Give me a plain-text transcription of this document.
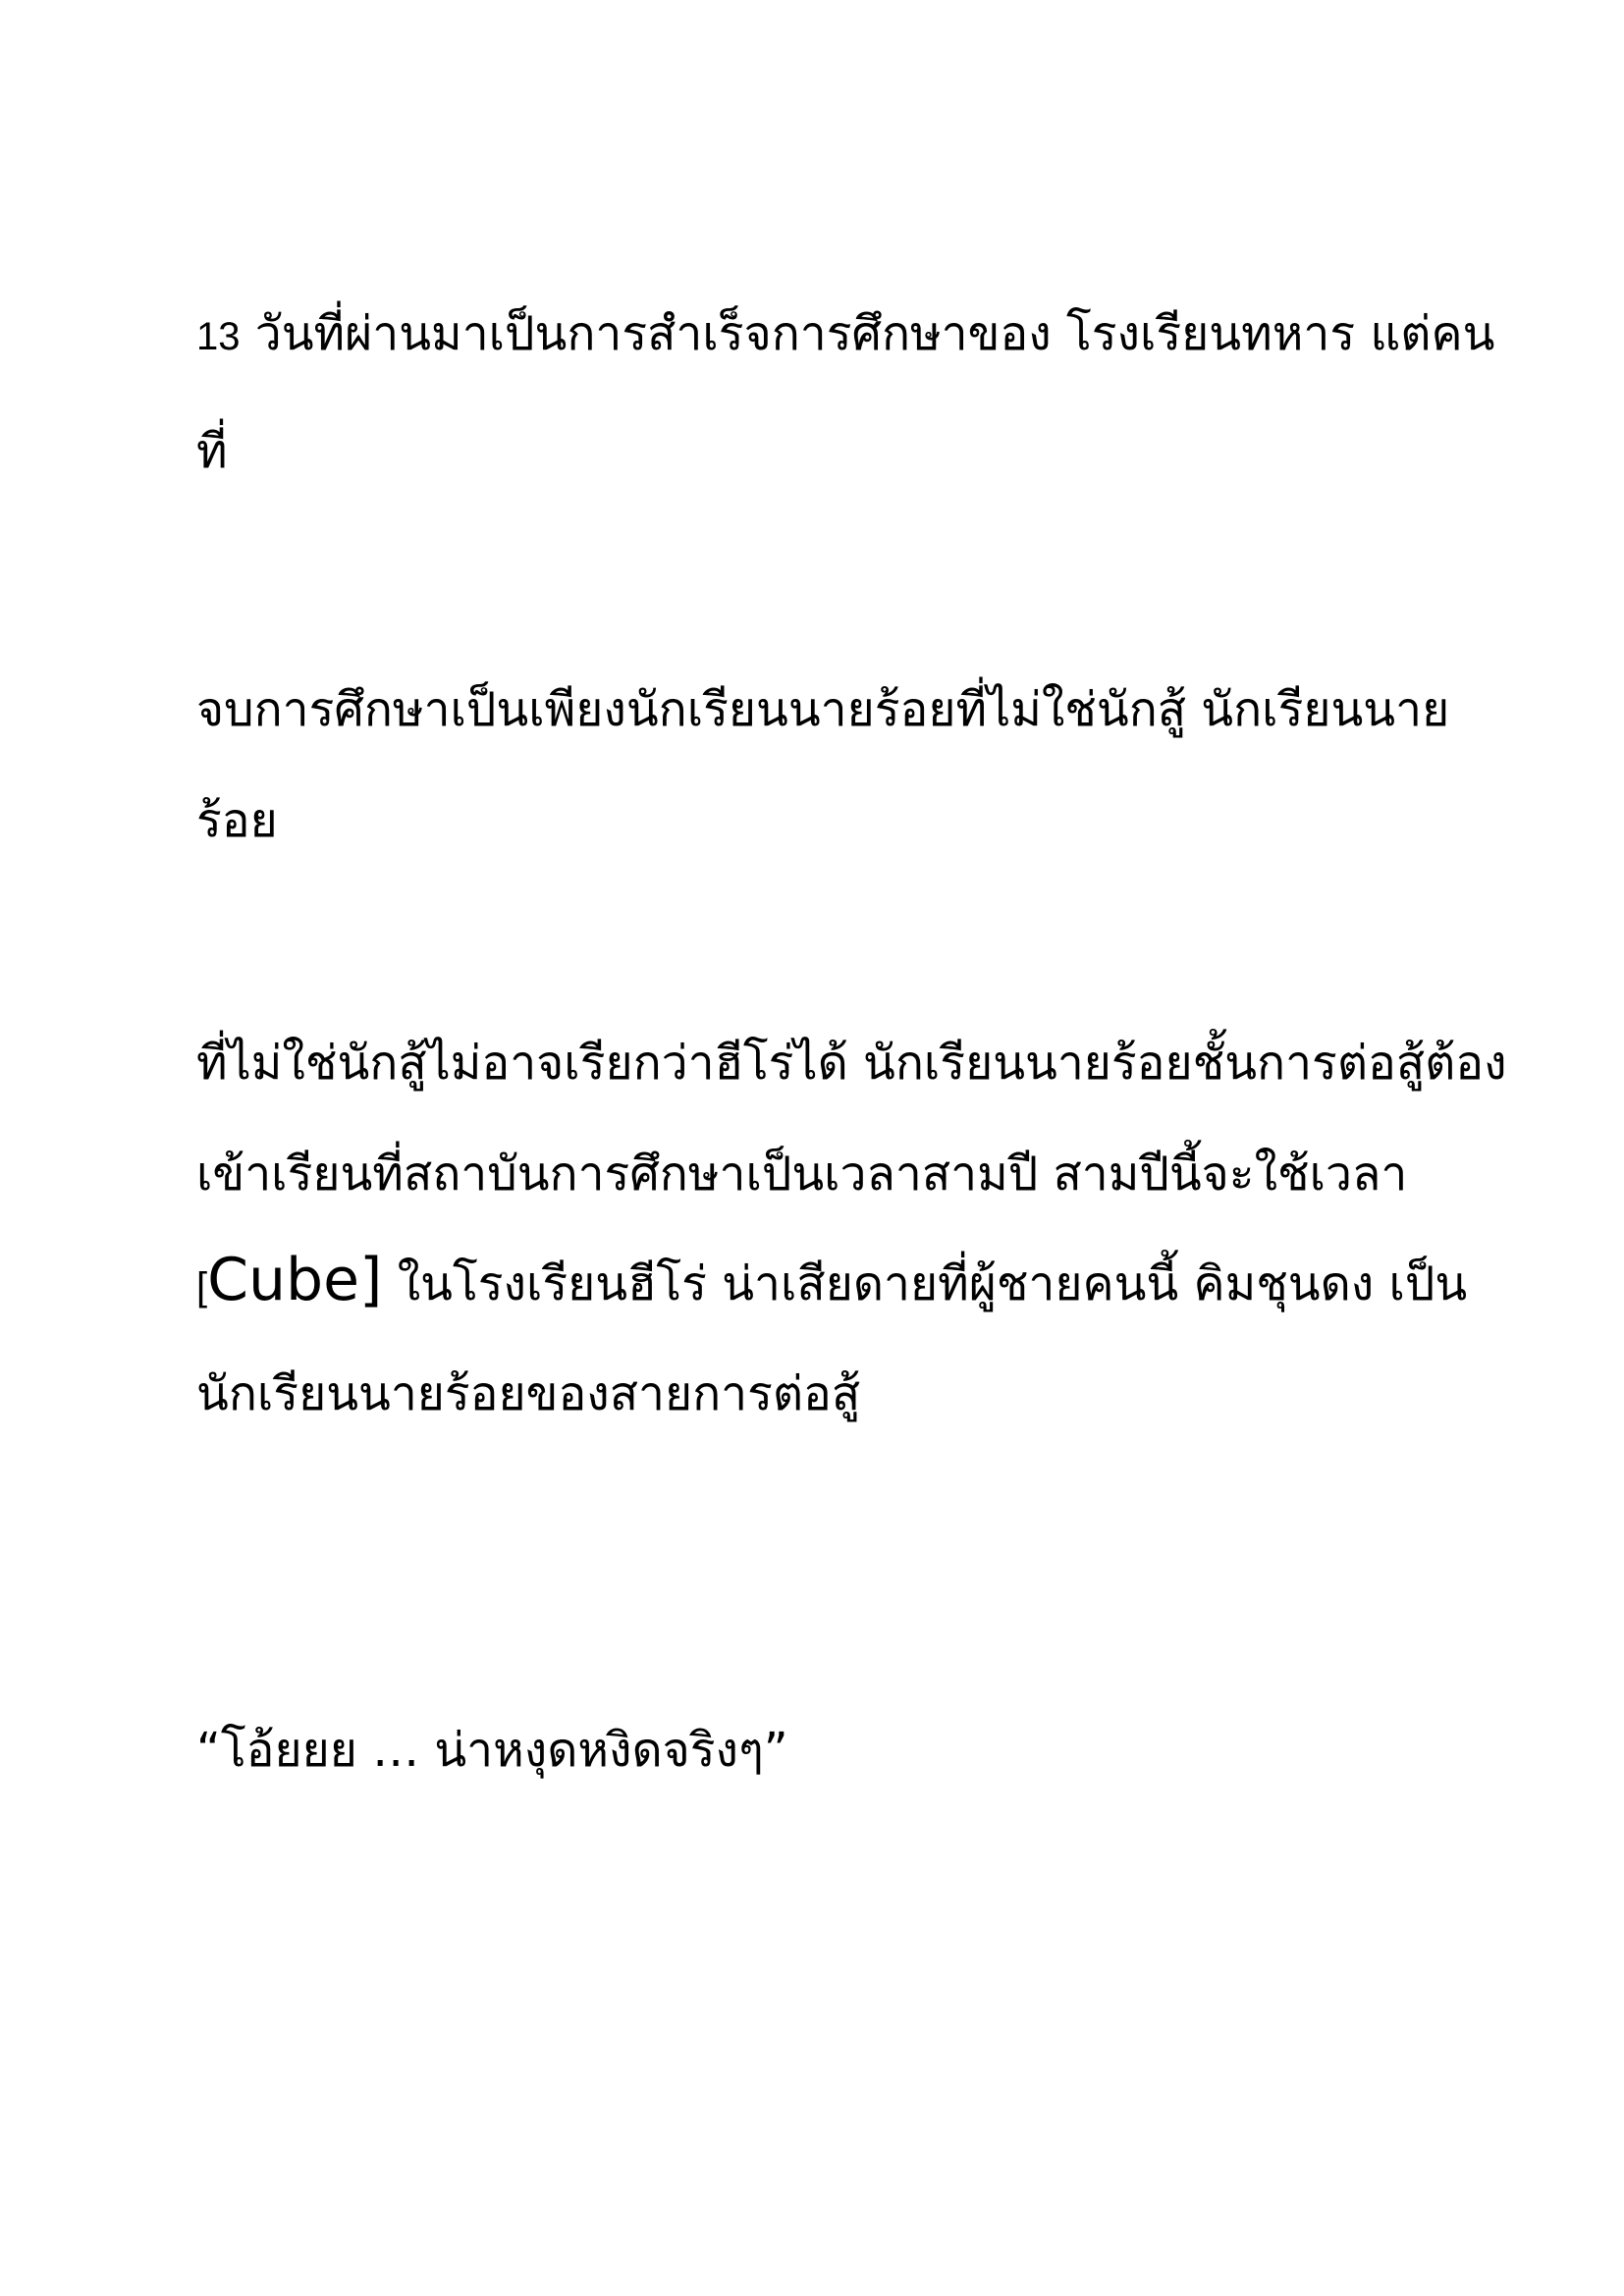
13 วันที่ผ่านมาเป็นการสำเร็จการศึกษาของ โรงเรียนทหาร แต่คน

ที่

จบการศึกษาเป็นเพียงนักเรียนนายร้อยที่ไม่ใช่นักสู้ นักเรียนนาย

ร้อย

ที่ไม่ใช่นักสู้ไม่อาจเรียกว่าฮีโร่ได้ นักเรียนนายร้อยชั้นการต่อสู้ต้อง

เข้าเรียนที่สถาบันการศึกษาเป็นเวลาสามปี สามปีนี้จะใช้เวลา

[Cube] ในโรงเรียนฮีโร่ น่าเสียดายที่ผู้ชายคนนี้ คิมชุนดง เป็น

นักเรียนนายร้อยของสายการต่อสู้

“โอ้ยยย … น่าหงุดหงิดจริงๆ”
